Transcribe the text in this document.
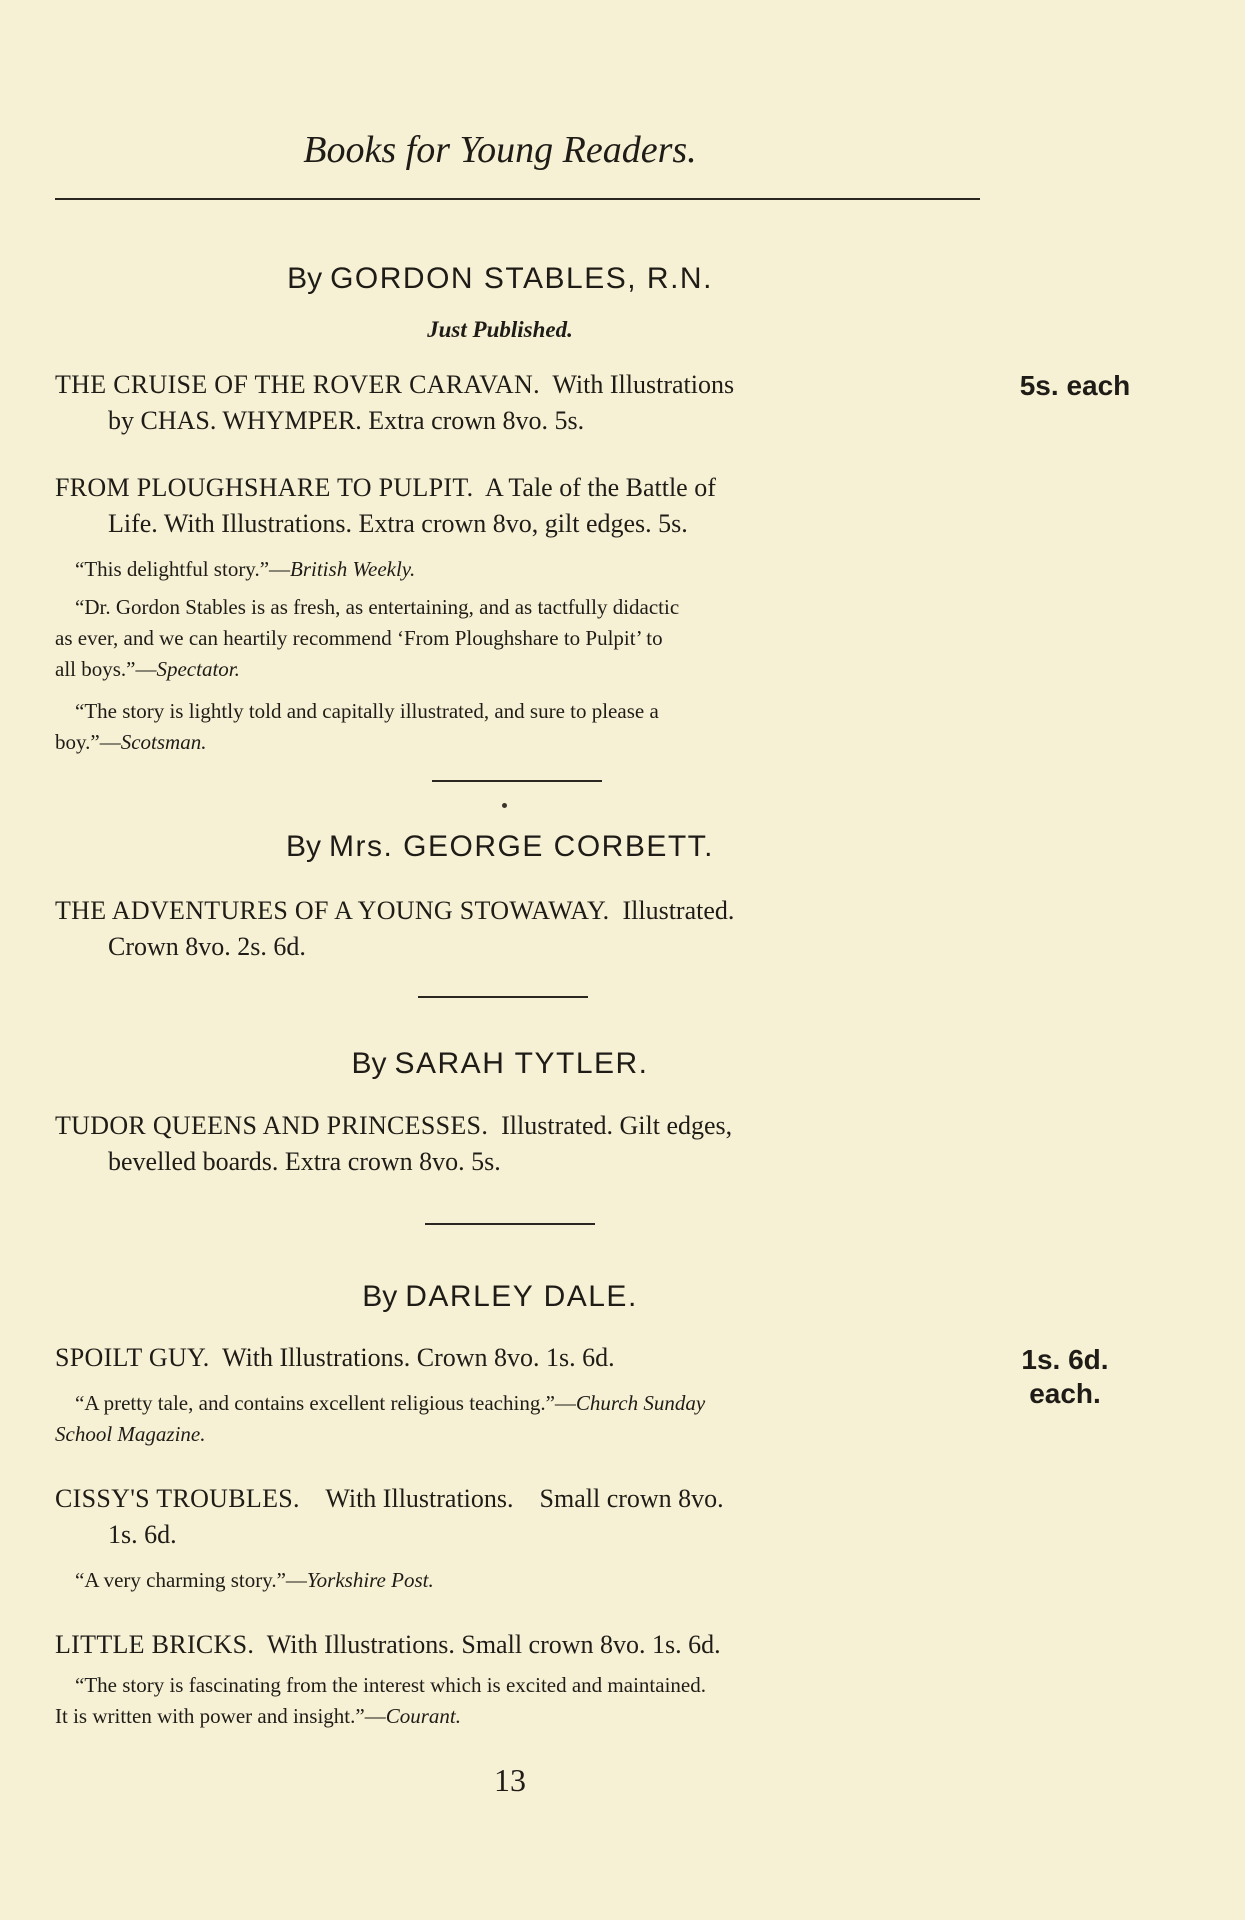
Books for Young Readers.
By GORDON STABLES, R.N.
Just Published.
THE CRUISE OF THE ROVER CARAVAN. With Illustrations
by CHAS. WHYMPER. Extra crown 8vo. 5s.
5s. each
FROM PLOUGHSHARE TO PULPIT. A Tale of the Battle of
Life. With Illustrations. Extra crown 8vo, gilt edges. 5s.
“This delightful story.”—British Weekly.
“Dr. Gordon Stables is as fresh, as entertaining, and as tactfully didactic
as ever, and we can heartily recommend ‘From Ploughshare to Pulpit’ to
all boys.”—Spectator.
“The story is lightly told and capitally illustrated, and sure to please a
boy.”—Scotsman.
By Mrs. GEORGE CORBETT.
THE ADVENTURES OF A YOUNG STOWAWAY. Illustrated.
Crown 8vo. 2s. 6d.
By SARAH TYTLER.
TUDOR QUEENS AND PRINCESSES. Illustrated. Gilt edges,
bevelled boards. Extra crown 8vo. 5s.
By DARLEY DALE.
SPOILT GUY. With Illustrations. Crown 8vo. 1s. 6d.	1s. 6d.
each.
“A pretty tale, and contains excellent religious teaching.”—Church Sunday
School Magazine.
CISSY'S TROUBLES. With Illustrations.    Small crown 8vo.
1s. 6d.
“A very charming story.”—Yorkshire Post.
LITTLE BRICKS. With Illustrations. Small crown 8vo. 1s. 6d.
“The story is fascinating from the interest which is excited and maintained.
It is written with power and insight.”—Courant.
13
